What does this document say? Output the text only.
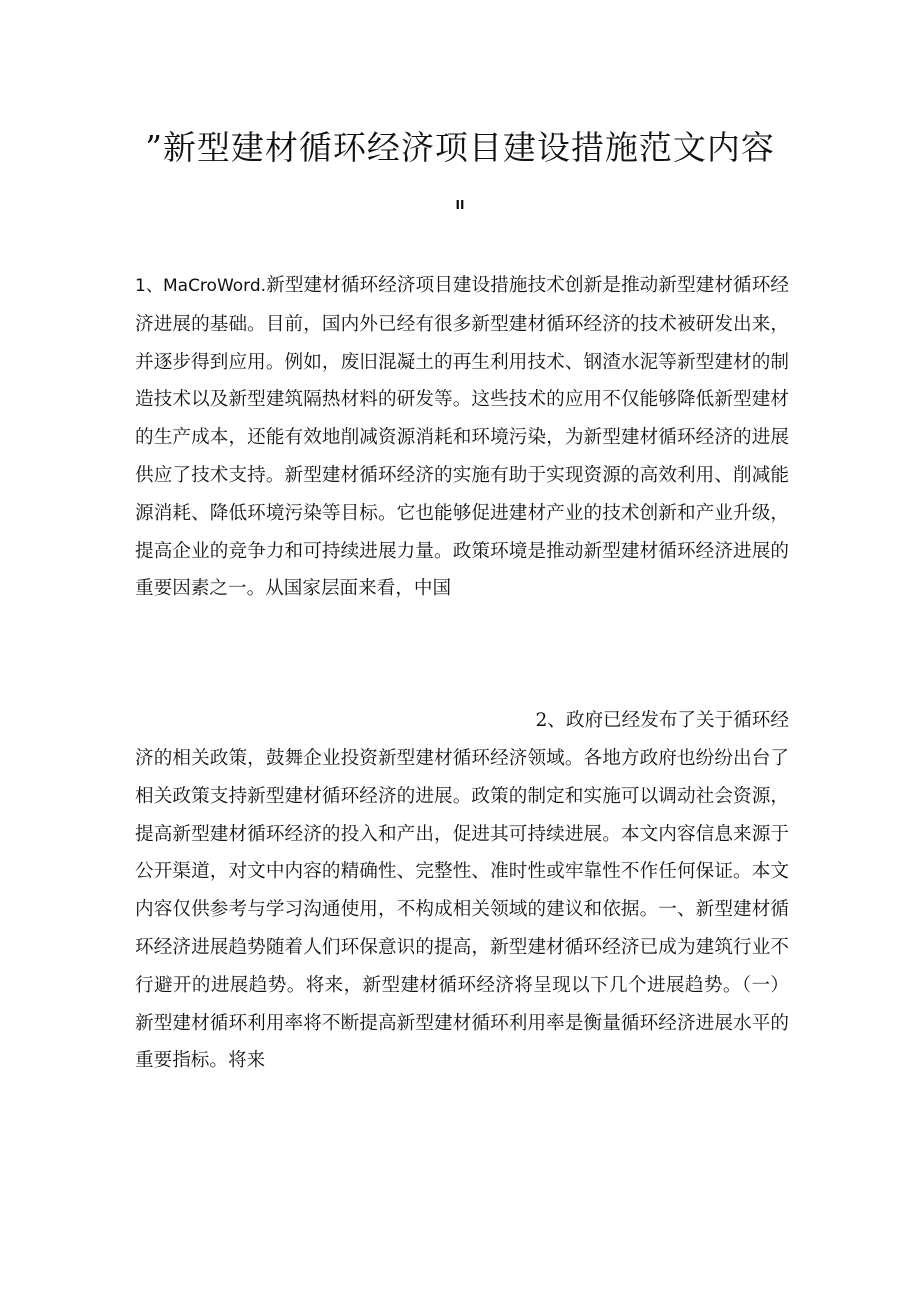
”新型建材循环经济项目建设措施范文内容
II

1、MaCroWord.新型建材循环经济项目建设措施技术创新是推动新型建材循环经济进展的基础。目前，国内外已经有很多新型建材循环经济的技术被研发出来，并逐步得到应用。例如，废旧混凝土的再生利用技术、钢渣水泥等新型建材的制造技术以及新型建筑隔热材料的研发等。这些技术的应用不仅能够降低新型建材的生产成本，还能有效地削减资源消耗和环境污染，为新型建材循环经济的进展供应了技术支持。新型建材循环经济的实施有助于实现资源的高效利用、削减能源消耗、降低环境污染等目标。它也能够促进建材产业的技术创新和产业升级，提高企业的竞争力和可持续进展力量。政策环境是推动新型建材循环经济进展的重要因素之一。从国家层面来看，中国

2、政府已经发布了关于循环经

济的相关政策，鼓舞企业投资新型建材循环经济领域。各地方政府也纷纷出台了相关政策支持新型建材循环经济的进展。政策的制定和实施可以调动社会资源，提高新型建材循环经济的投入和产出，促进其可持续进展。本文内容信息来源于公开渠道，对文中内容的精确性、完整性、准时性或牢靠性不作任何保证。本文内容仅供参考与学习沟通使用，不构成相关领域的建议和依据。一、新型建材循环经济进展趋势随着人们环保意识的提高，新型建材循环经济已成为建筑行业不行避开的进展趋势。将来，新型建材循环经济将呈现以下几个进展趋势。（一）新型建材循环利用率将不断提高新型建材循环利用率是衡量循环经济进展水平的重要指标。将来
